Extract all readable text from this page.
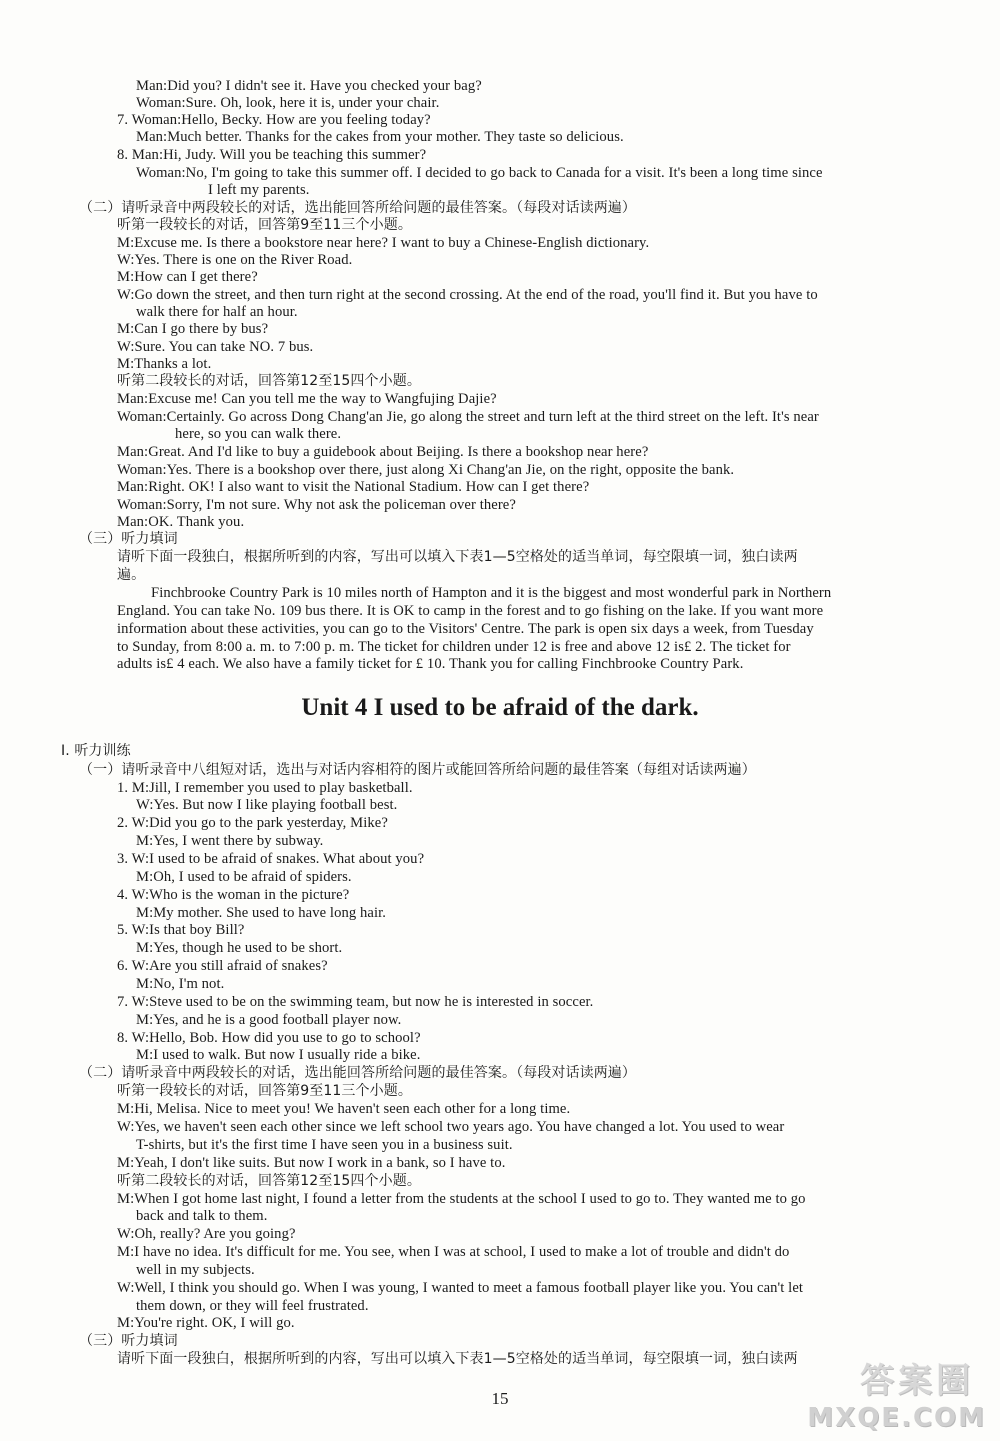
Man:Did you? I didn't see it. Have you checked your bag?
Woman:Sure. Oh, look, here it is, under your chair.
7. Woman:Hello, Becky. How are you feeling today?
Man:Much better. Thanks for the cakes from your mother. They taste so delicious.
8. Man:Hi, Judy. Will you be teaching this summer?
Woman:No, I'm going to take this summer off. I decided to go back to Canada for a visit. It's been a long time since
I left my parents.
（二）请听录音中两段较长的对话，选出能回答所给问题的最佳答案。（每段对话读两遍）
听第一段较长的对话，回答第9至11三个小题。
M:Excuse me. Is there a bookstore near here? I want to buy a Chinese-English dictionary.
W:Yes. There is one on the River Road.
M:How can I get there?
W:Go down the street, and then turn right at the second crossing. At the end of the road, you'll find it. But you have to
walk there for half an hour.
M:Can I go there by bus?
W:Sure. You can take NO. 7 bus.
M:Thanks a lot.
听第二段较长的对话，回答第12至15四个小题。
Man:Excuse me! Can you tell me the way to Wangfujing Dajie?
Woman:Certainly. Go across Dong Chang'an Jie, go along the street and turn left at the third street on the left. It's near
here, so you can walk there.
Man:Great. And I'd like to buy a guidebook about Beijing. Is there a bookshop near here?
Woman:Yes. There is a bookshop over there, just along Xi Chang'an Jie, on the right, opposite the bank.
Man:Right. OK! I also want to visit the National Stadium. How can I get there?
Woman:Sorry, I'm not sure. Why not ask the policeman over there?
Man:OK. Thank you.
（三）听力填词
请听下面一段独白，根据所听到的内容，写出可以填入下表1—5空格处的适当单词，每空限填一词，独白读两
遍。
Finchbrooke Country Park is 10 miles north of Hampton and it is the biggest and most wonderful park in Northern
England. You can take No. 109 bus there. It is OK to camp in the forest and to go fishing on the lake. If you want more
information about these activities, you can go to the Visitors' Centre. The park is open six days a week, from Tuesday
to Sunday, from 8:00 a. m. to 7:00 p. m. The ticket for children under 12 is free and above 12 is£ 2. The ticket for
adults is£ 4 each. We also have a family ticket for £ 10. Thank you for calling Finchbrooke Country Park.
Unit 4 I used to be afraid of the dark.
Ⅰ. 听力训练
（一）请听录音中八组短对话，选出与对话内容相符的图片或能回答所给问题的最佳答案（每组对话读两遍）
1. M:Jill, I remember you used to play basketball.
W:Yes. But now I like playing football best.
2. W:Did you go to the park yesterday, Mike?
M:Yes, I went there by subway.
3. W:I used to be afraid of snakes. What about you?
M:Oh, I used to be afraid of spiders.
4. W:Who is the woman in the picture?
M:My mother. She used to have long hair.
5. W:Is that boy Bill?
M:Yes, though he used to be short.
6. W:Are you still afraid of snakes?
M:No, I'm not.
7. W:Steve used to be on the swimming team, but now he is interested in soccer.
M:Yes, and he is a good football player now.
8. W:Hello, Bob. How did you use to go to school?
M:I used to walk. But now I usually ride a bike.
（二）请听录音中两段较长的对话，选出能回答所给问题的最佳答案。（每段对话读两遍）
听第一段较长的对话，回答第9至11三个小题。
M:Hi, Melisa. Nice to meet you! We haven't seen each other for a long time.
W:Yes, we haven't seen each other since we left school two years ago. You have changed a lot. You used to wear
T-shirts, but it's the first time I have seen you in a business suit.
M:Yeah, I don't like suits. But now I work in a bank, so I have to.
听第二段较长的对话，回答第12至15四个小题。
M:When I got home last night, I found a letter from the students at the school I used to go to. They wanted me to go
back and talk to them.
W:Oh, really? Are you going?
M:I have no idea. It's difficult for me. You see, when I was at school, I used to make a lot of trouble and didn't do
well in my subjects.
W:Well, I think you should go. When I was young, I wanted to meet a famous football player like you. You can't let
them down, or they will feel frustrated.
M:You're right. OK, I will go.
（三）听力填词
请听下面一段独白，根据所听到的内容，写出可以填入下表1—5空格处的适当单词，每空限填一词，独白读两
15	答案圈
MXQE.COM
